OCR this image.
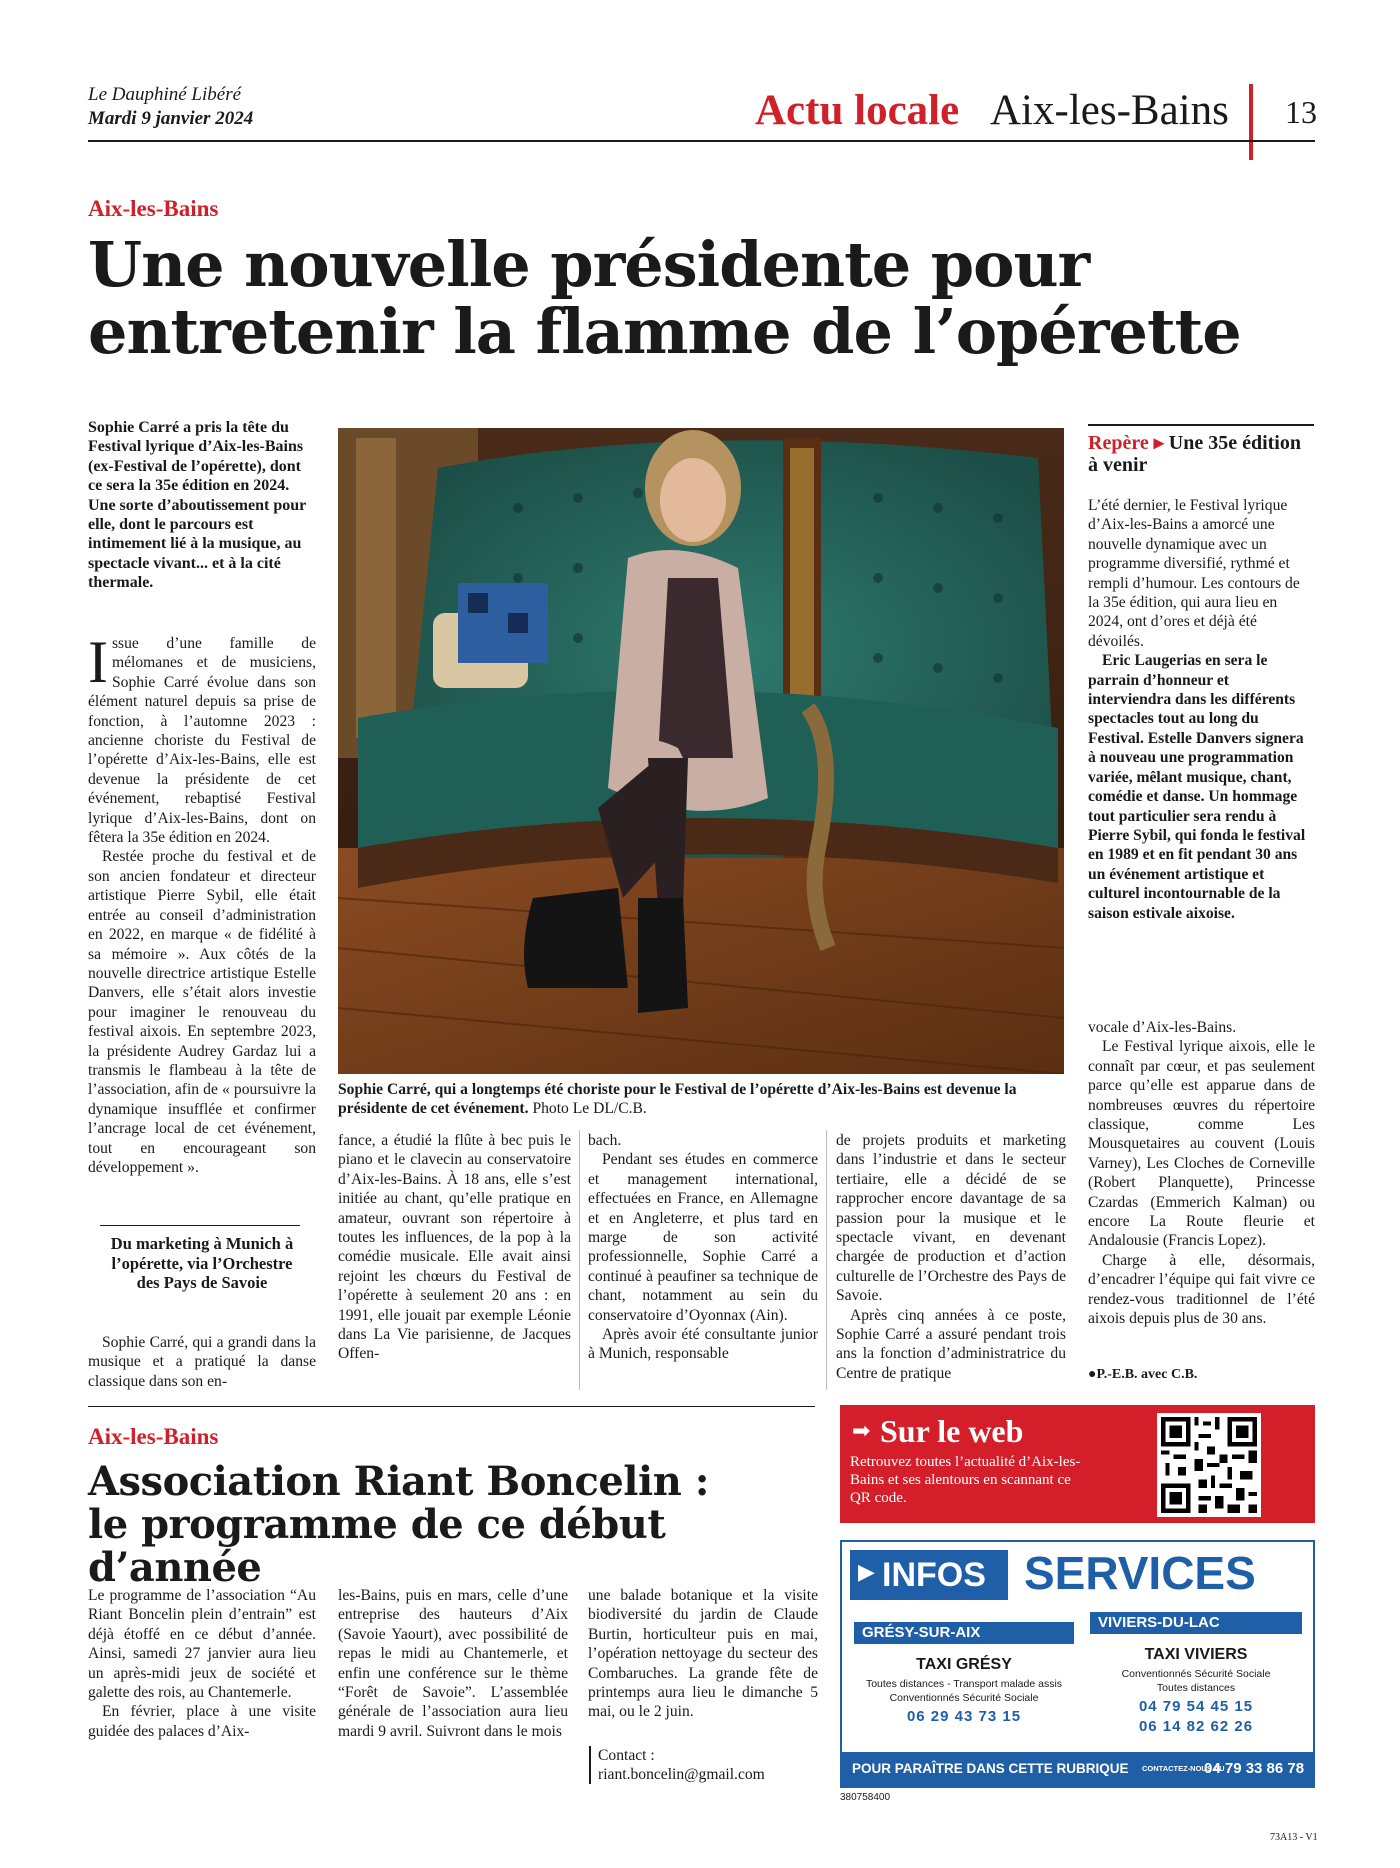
Le Dauphiné Libéré
Mardi 9 janvier 2024	Actu locale Aix-les-Bains 13
Aix-les-Bains
Une nouvelle présidente pour
entretenir la flamme de l’opérette
Sophie Carré a pris la tête du Festival lyrique d’Aix-les-Bains (ex-Festival de l’opérette), dont ce sera la 35e édition en 2024. Une sorte d’aboutissement pour elle, dont le parcours est intimement lié à la musique, au spectacle vivant... et à la cité thermale.

Issue d’une famille de mélomanes et de musiciens, Sophie Carré évolue dans son élément naturel depuis sa prise de fonction, à l’automne 2023 : ancienne choriste du Festival de l’opérette d’Aix-les-Bains, elle est devenue la présidente de cet événement, rebaptisé Festival lyrique d’Aix-les-Bains, dont on fêtera la 35e édition en 2024.

Restée proche du festival et de son ancien fondateur et directeur artistique Pierre Sybil, elle était entrée au conseil d’administration en 2022, en marque « de fidélité à sa mémoire ». Aux côtés de la nouvelle directrice artistique Estelle Danvers, elle s’était alors investie pour imaginer le renouveau du festival aixois. En septembre 2023, la présidente Audrey Gardaz lui a transmis le flambeau à la tête de l’association, afin de « poursuivre la dynamique insufflée et confirmer l’ancrage local de cet événement, tout en encourageant son développement ».

Du marketing à Munich à l’opérette, via l’Orchestre des Pays de Savoie

Sophie Carré, qui a grandi dans la musique et a pratiqué la danse classique dans son en-

Sophie Carré, qui a longtemps été choriste pour le Festival de l’opérette d’Aix-les-Bains est devenue la présidente de cet événement. Photo Le DL/C.B.

fance, a étudié la flûte à bec puis le piano et le clavecin au conservatoire d’Aix-les-Bains. À 18 ans, elle s’est initiée au chant, qu’elle pratique en amateur, ouvrant son répertoire à toutes les influences, de la pop à la comédie musicale. Elle avait ainsi rejoint les chœurs du Festival de l’opérette à seulement 20 ans : en 1991, elle jouait par exemple Léonie dans La Vie parisienne, de Jacques Offen-

bach.

Pendant ses études en commerce et management international, effectuées en France, en Allemagne et en Angleterre, et plus tard en marge de son activité professionnelle, Sophie Carré a continué à peaufiner sa technique de chant, notamment au sein du conservatoire d’Oyonnax (Ain).

Après avoir été consultante junior à Munich, responsable

de projets produits et marketing dans l’industrie et dans le secteur tertiaire, elle a décidé de se rapprocher encore davantage de sa passion pour la musique et le spectacle vivant, en devenant chargée de production et d’action culturelle de l’Orchestre des Pays de Savoie.

Après cinq années à ce poste, Sophie Carré a assuré pendant trois ans la fonction d’administratrice du Centre de pratique

vocale d’Aix-les-Bains.

Le Festival lyrique aixois, elle le connaît par cœur, et pas seulement parce qu’elle est apparue dans de nombreuses œuvres du répertoire classique, comme Les Mousquetaires au couvent (Louis Varney), Les Cloches de Corneville (Robert Planquette), Princesse Czardas (Emmerich Kalman) ou encore La Route fleurie et Andalousie (Francis Lopez).

Charge à elle, désormais, d’encadrer l’équipe qui fait vivre ce rendez-vous traditionnel de l’été aixois depuis plus de 30 ans.

●P.-E.B. avec C.B.
Repère ▸ Une 35e édition à venir

L’été dernier, le Festival lyrique d’Aix-les-Bains a amorcé une nouvelle dynamique avec un programme diversifié, rythmé et rempli d’humour. Les contours de la 35e édition, qui aura lieu en 2024, ont d’ores et déjà été dévoilés.

Eric Laugerias en sera le parrain d’honneur et interviendra dans les différents spectacles tout au long du Festival. Estelle Danvers signera à nouveau une programmation variée, mêlant musique, chant, comédie et danse. Un hommage tout particulier sera rendu à Pierre Sybil, qui fonda le festival en 1989 et en fit pendant 30 ans un événement artistique et culturel incontournable de la saison estivale aixoise.

Aix-les-Bains
Association Riant Boncelin :
le programme de ce début d’année

Le programme de l’association “Au Riant Boncelin plein d’entrain” est déjà étoffé en ce début d’année. Ainsi, samedi 27 janvier aura lieu un après-midi jeux de société et galette des rois, au Chantemerle.

En février, place à une visite guidée des palaces d’Aix-

les-Bains, puis en mars, celle d’une entreprise des hauteurs d’Aix (Savoie Yaourt), avec possibilité de repas le midi au Chantemerle, et enfin une conférence sur le thème “Forêt de Savoie”. L’assemblée générale de l’association aura lieu mardi 9 avril. Suivront dans le mois

une balade botanique et la visite biodiversité du jardin de Claude Burtin, horticulteur puis en mai, l’opération nettoyage du secteur des Combaruches. La grande fête de printemps aura lieu le dimanche 5 mai, ou le 2 juin.

Contact : riant.boncelin@gmail.com
➡ Sur le web
Retrouvez toutes l’actualité d’Aix-les-Bains et ses alentours en scannant ce QR code.
▶ INFOS SERVICES
GRÉSY-SUR-AIX
TAXI GRÉSY
Toutes distances - Transport malade assis
Conventionnés Sécurité Sociale
06 29 43 73 15
VIVIERS-DU-LAC
TAXI VIVIERS
Conventionnés Sécurité Sociale
Toutes distances
04 79 54 45 15
06 14 82 62 26
POUR PARAÎTRE DANS CETTE RUBRIQUE CONTACTEZ-NOUS AU
04 79 33 86 78
380758400
73A13 - V1
